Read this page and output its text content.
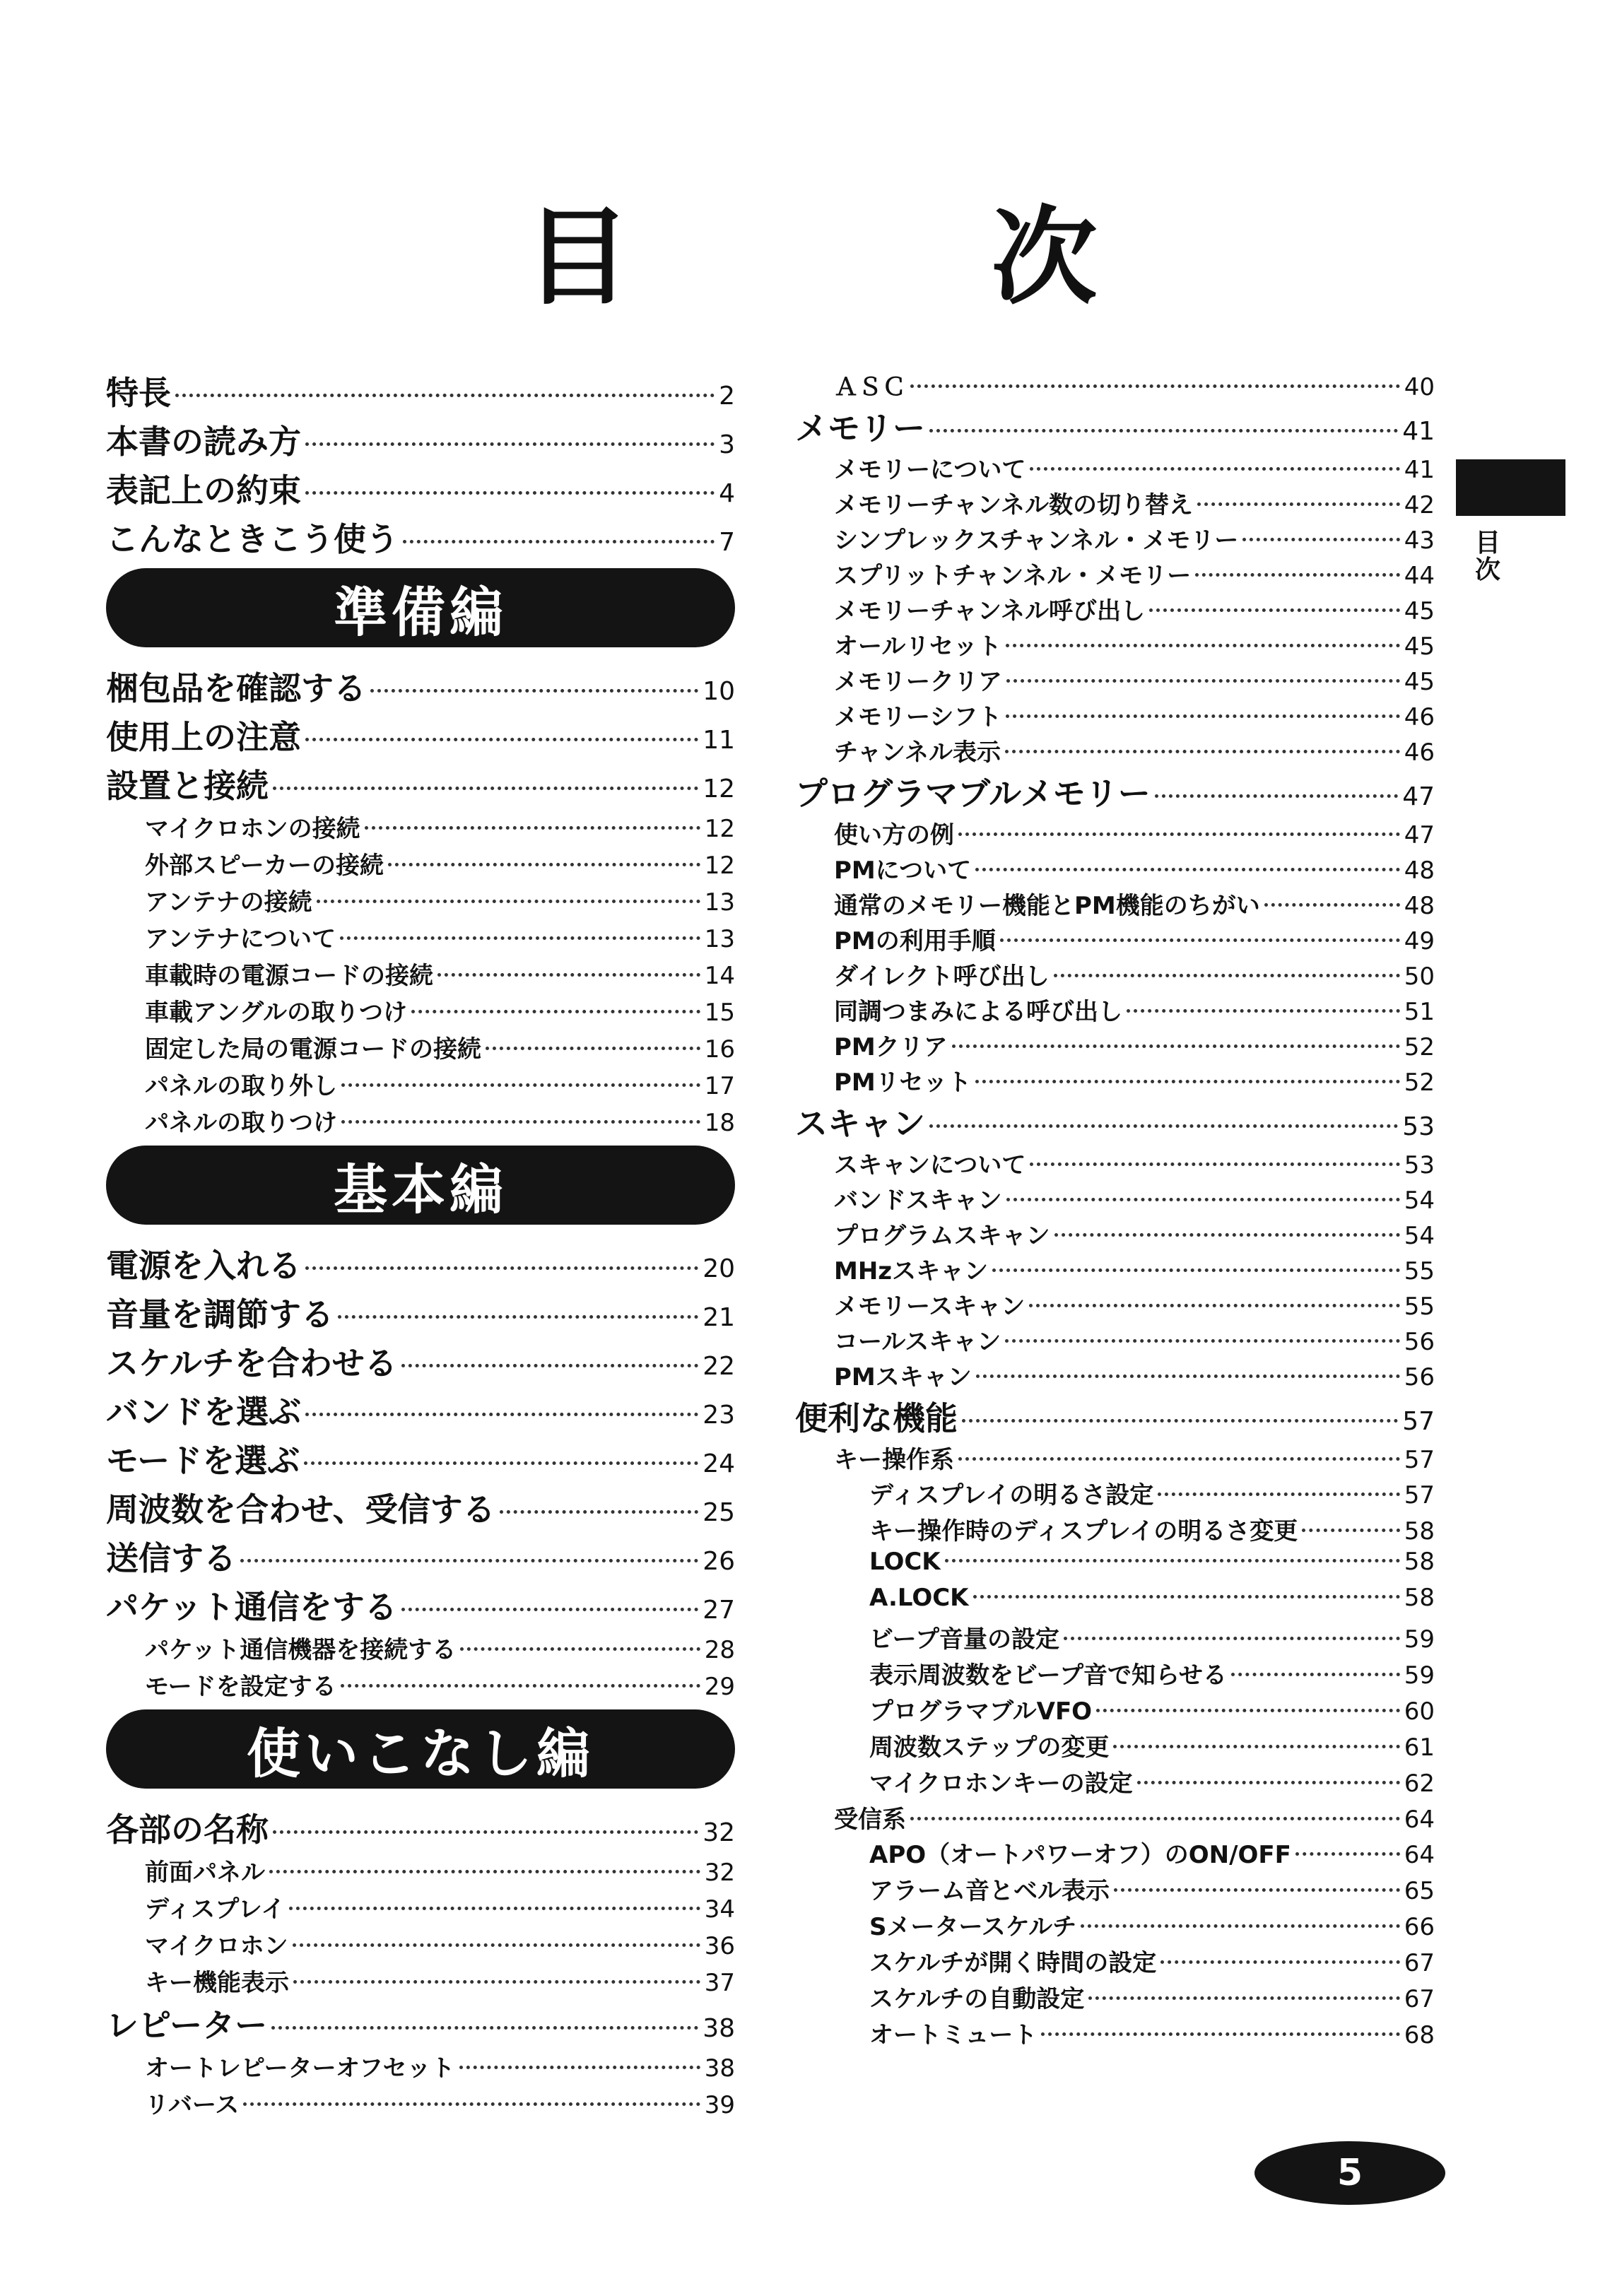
目　次
特長	2
本書の読み方	3
表記上の約束	4
こんなときこう使う	7
準備編
梱包品を確認する	10
使用上の注意	11
設置と接続	12
マイクロホンの接続	12
外部スピーカーの接続	12
アンテナの接続	13
アンテナについて	13
車載時の電源コードの接続	14
車載アングルの取りつけ	15
固定した局の電源コードの接続	16
パネルの取り外し	17
パネルの取りつけ	18
基本編
電源を入れる	20
音量を調節する	21
スケルチを合わせる	22
バンドを選ぶ	23
モードを選ぶ	24
周波数を合わせ、受信する	25
送信する	26
パケット通信をする	27
パケット通信機器を接続する	28
モードを設定する	29
使いこなし編
各部の名称	32
前面パネル	32
ディスプレイ	34
マイクロホン	36
キー機能表示	37
レピーター	38
オートレピーターオフセット	38
リバース	39
ＡＳＣ	40
メモリー	41
メモリーについて	41
メモリーチャンネル数の切り替え	42
シンプレックスチャンネル・メモリー	43
スプリットチャンネル・メモリー	44
メモリーチャンネル呼び出し	45
オールリセット	45
メモリークリア	45
メモリーシフト	46
チャンネル表示	46
プログラマブルメモリー	47
使い方の例	47
PMについて	48
通常のメモリー機能とPM機能のちがい	48
PMの利用手順	49
ダイレクト呼び出し	50
同調つまみによる呼び出し	51
PMクリア	52
PMリセット	52
スキャン	53
スキャンについて	53
バンドスキャン	54
プログラムスキャン	54
MHzスキャン	55
メモリースキャン	55
コールスキャン	56
PMスキャン	56
便利な機能	57
キー操作系	57
ディスプレイの明るさ設定	57
キー操作時のディスプレイの明るさ変更	58
LOCK	58
A.LOCK	58
ビープ音量の設定	59
表示周波数をビープ音で知らせる	59
プログラマブルVFO	60
周波数ステップの変更	61
マイクロホンキーの設定	62
受信系	64
APO（オートパワーオフ）のON/OFF	64
アラーム音とベル表示	65
Sメータースケルチ	66
スケルチが開く時間の設定	67
スケルチの自動設定	67
オートミュート	68
目次
5
